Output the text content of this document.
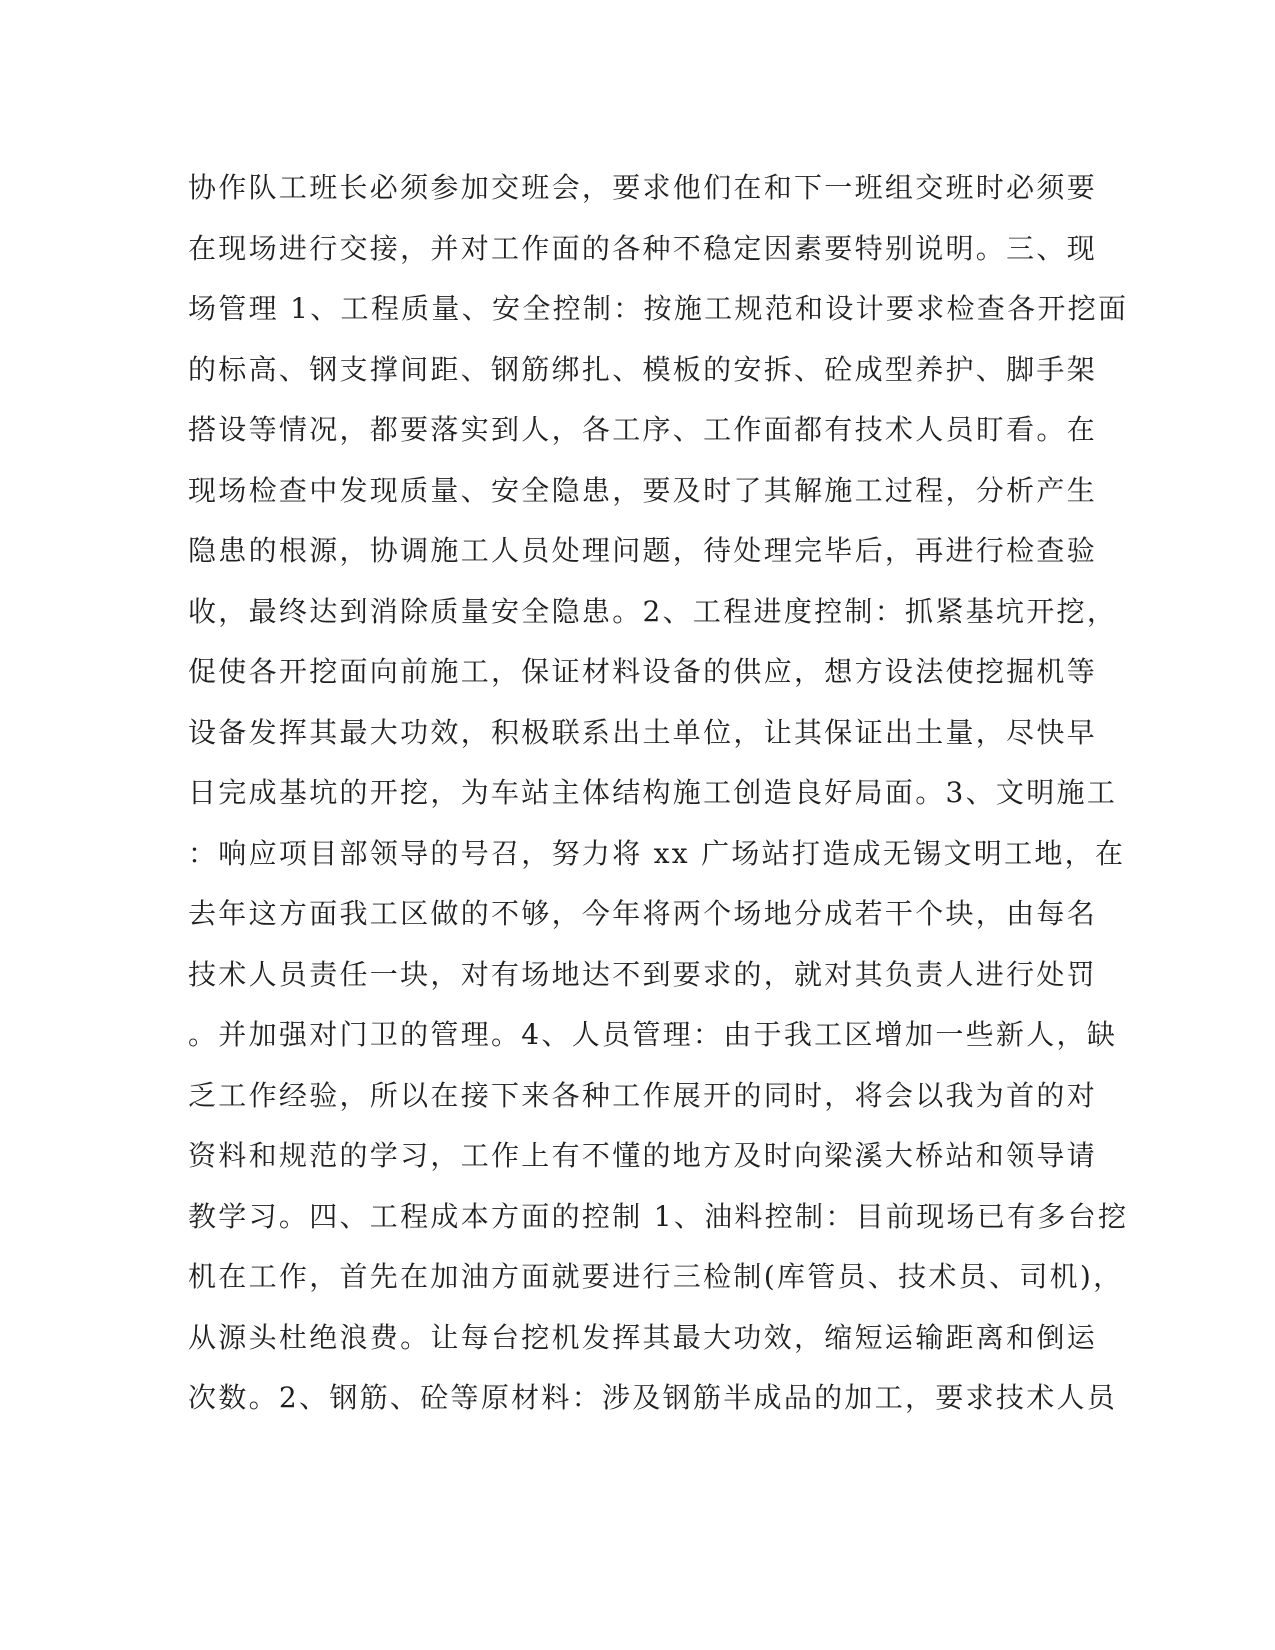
协作队工班长必须参加交班会，要求他们在和下一班组交班时必须要
在现场进行交接，并对工作面的各种不稳定因素要特别说明。三、现
场管理 1、工程质量、安全控制：按施工规范和设计要求检查各开挖面
的标高、钢支撑间距、钢筋绑扎、模板的安拆、砼成型养护、脚手架
搭设等情况，都要落实到人，各工序、工作面都有技术人员盯看。在
现场检查中发现质量、安全隐患，要及时了其解施工过程，分析产生
隐患的根源，协调施工人员处理问题，待处理完毕后，再进行检查验
收，最终达到消除质量安全隐患。2、工程进度控制：抓紧基坑开挖，
促使各开挖面向前施工，保证材料设备的供应，想方设法使挖掘机等
设备发挥其最大功效，积极联系出土单位，让其保证出土量，尽快早
日完成基坑的开挖，为车站主体结构施工创造良好局面。3、文明施工
：响应项目部领导的号召，努力将 xx 广场站打造成无锡文明工地，在
去年这方面我工区做的不够，今年将两个场地分成若干个块，由每名
技术人员责任一块，对有场地达不到要求的，就对其负责人进行处罚
。并加强对门卫的管理。4、人员管理：由于我工区增加一些新人，缺
乏工作经验，所以在接下来各种工作展开的同时，将会以我为首的对
资料和规范的学习，工作上有不懂的地方及时向梁溪大桥站和领导请
教学习。四、工程成本方面的控制 1、油料控制：目前现场已有多台挖
机在工作，首先在加油方面就要进行三检制(库管员、技术员、司机)，
从源头杜绝浪费。让每台挖机发挥其最大功效，缩短运输距离和倒运
次数。2、钢筋、砼等原材料：涉及钢筋半成品的加工，要求技术人员
